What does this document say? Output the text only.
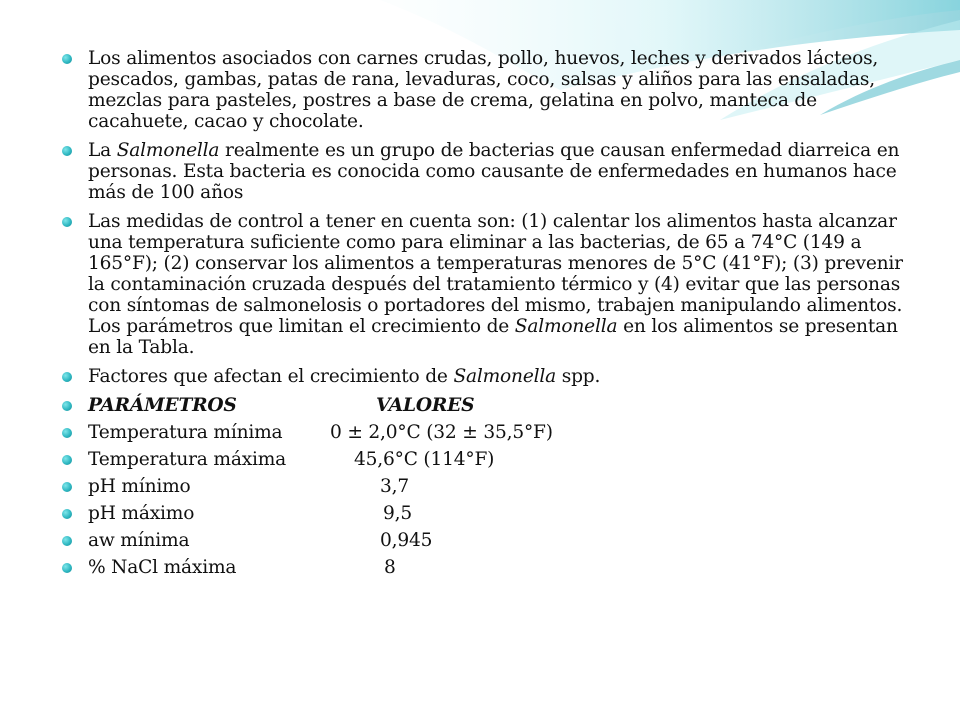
Los alimentos asociados con carnes crudas, pollo, huevos, leches y derivados lácteos, pescados, gambas, patas de rana, levaduras, coco, salsas y aliños para las ensaladas, mezclas para pasteles, postres a base de crema, gelatina en polvo, manteca de cacahuete, cacao y chocolate.
La Salmonella realmente es un grupo de bacterias que causan enfermedad diarreica en personas. Esta bacteria es conocida como causante de enfermedades en humanos hace más de 100 años
Las medidas de control a tener en cuenta son: (1) calentar los alimentos hasta alcanzar una temperatura suficiente como para eliminar a las bacterias, de 65 a 74°C (149 a 165°F); (2) conservar los alimentos a temperaturas menores de 5°C (41°F); (3) prevenir la contaminación cruzada después del tratamiento térmico y (4) evitar que las personas con síntomas de salmonelosis o portadores del mismo, trabajen manipulando alimentos. Los parámetros que limitan el crecimiento de Salmonella en los alimentos se presentan en la Tabla.
Factores que afectan el crecimiento de Salmonella spp.
PARÁMETROS	VALORES
Temperatura mínima	0 ± 2,0°C (32 ± 35,5°F)
Temperatura máxima	45,6°C (114°F)
pH mínimo	3,7
pH máximo	9,5
aw mínima	0,945
% NaCl máxima	8
